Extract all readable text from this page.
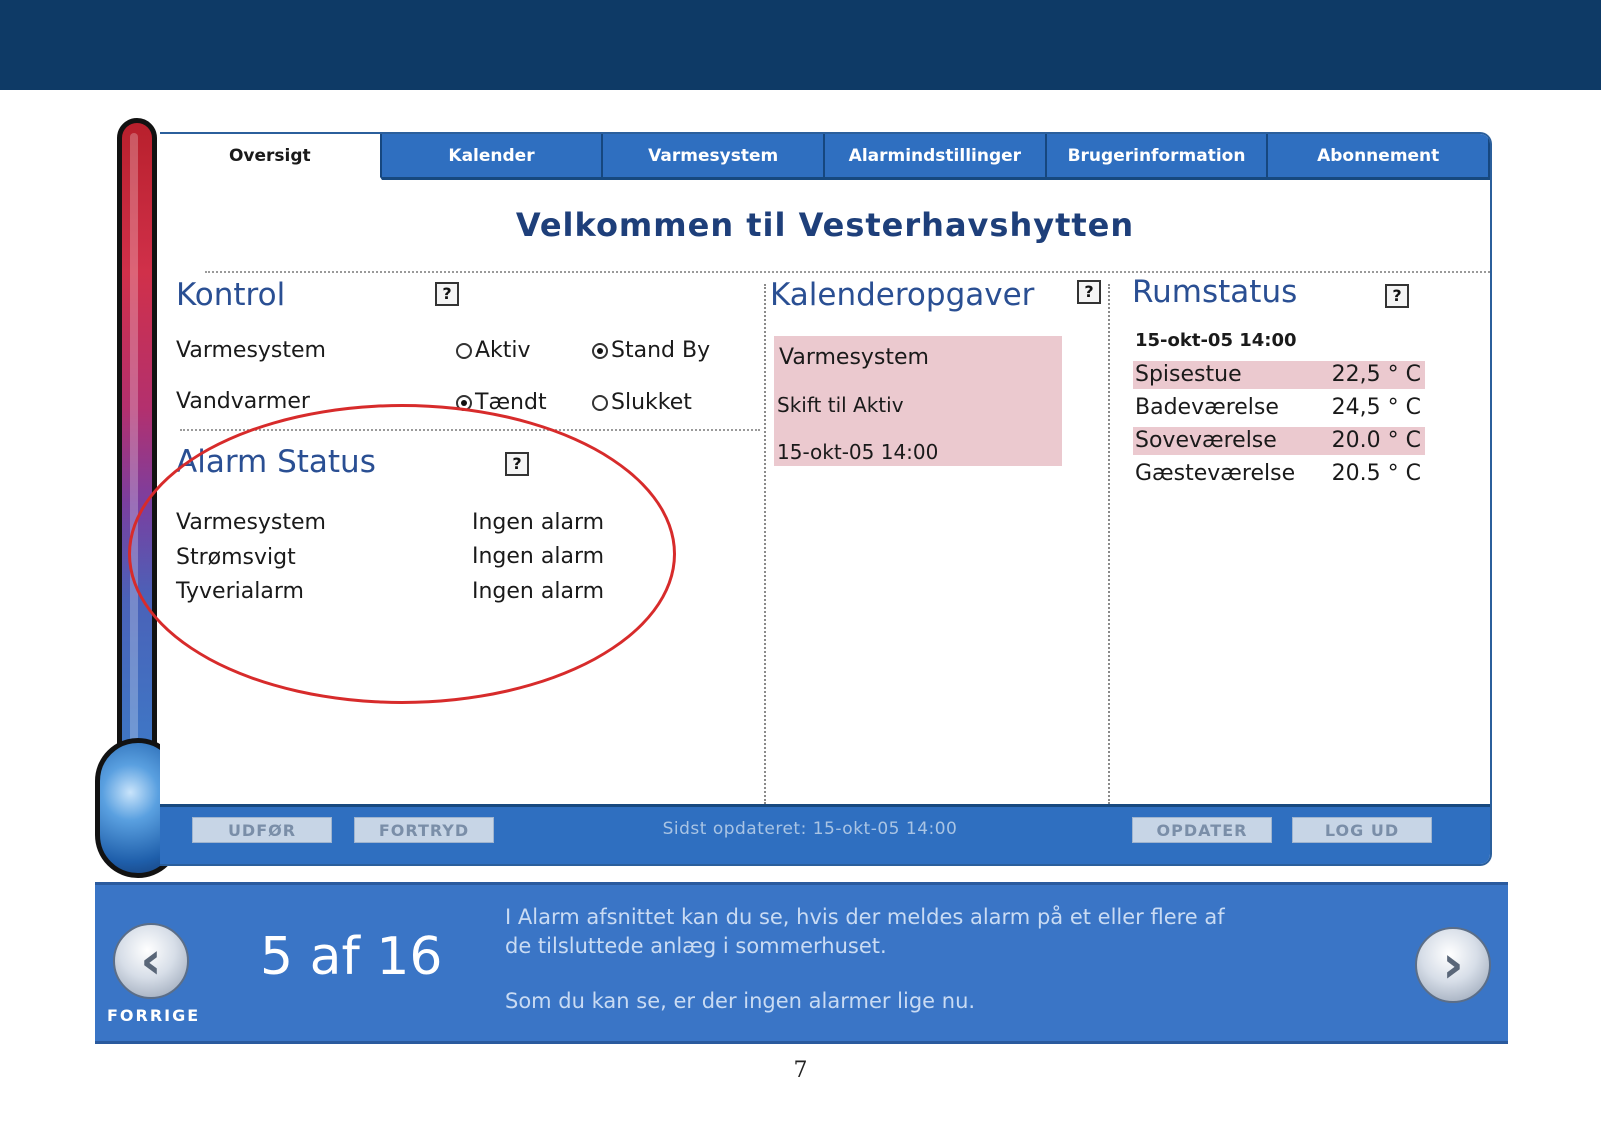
Oversigt	Kalender	Varmesystem	Alarmindstillinger	Brugerinformation	Abonnement
Velkommen til Vesterhavshytten
Kontrol	?
Varmesystem	Aktiv	Stand By
Vandvarmer	Tændt	Slukket
Alarm Status	?
Varmesystem	Ingen alarm
Strømsvigt	Ingen alarm
Tyverialarm	Ingen alarm
Kalenderopgaver	?
Varmesystem
Skift til Aktiv
15-okt-05 14:00
Rumstatus	?
15-okt-05 14:00
Spisestue	22,5 ° C
Badeværelse 24,5 ° C
Soveværelse 20.0 ° C
Gæsteværelse 20.5 ° C
UDFØR	FORTRYD	Sidst opdateret: 15-okt-05 14:00	OPDATER	LOG UD
‹
FORRIGE
5 af 16
I Alarm afsnittet kan du se, hvis der meldes alarm på et eller flere af de tilsluttede anlæg i sommerhuset.
Som du kan se, er der ingen alarmer lige nu.
›
7
